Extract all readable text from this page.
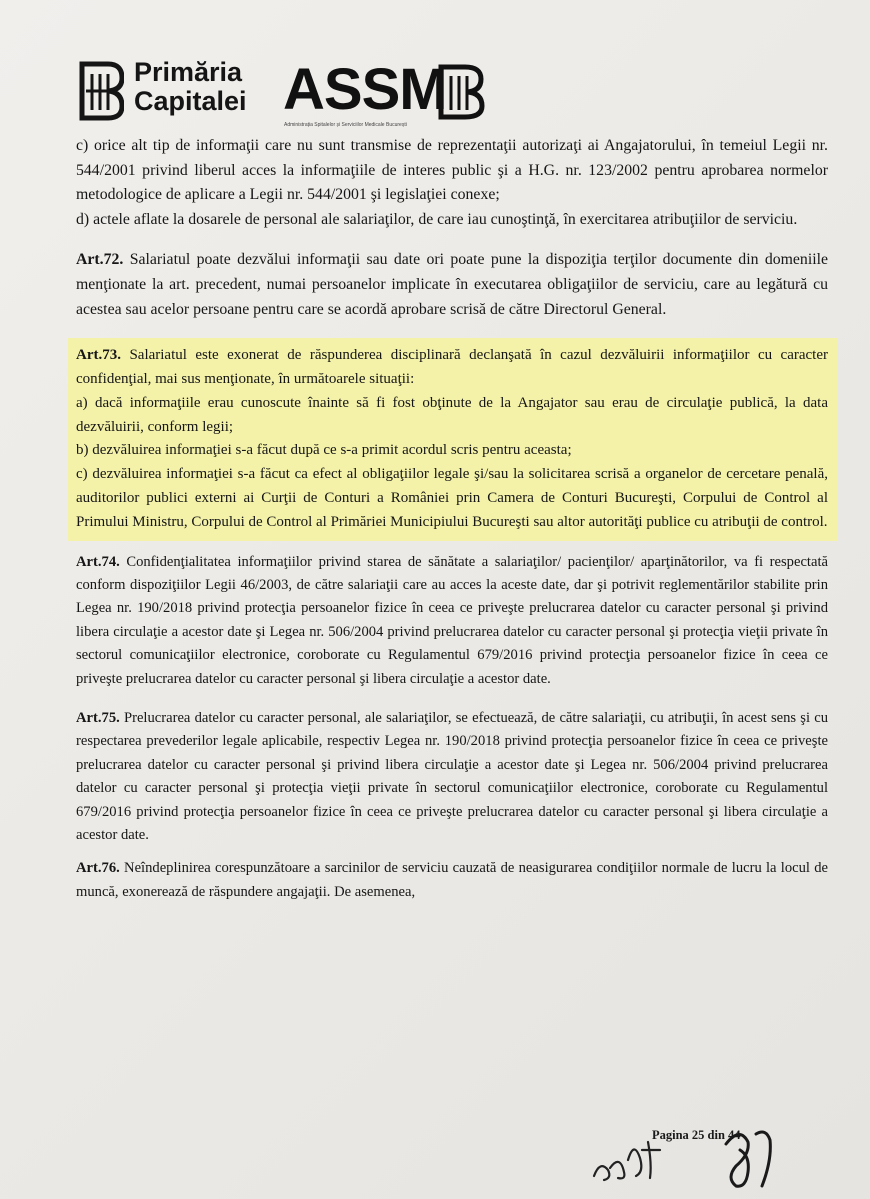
Primăria
Capitalei ASSM
Administrația Spitalelor și Serviciilor Medicale București

c) orice alt tip de informaţii care nu sunt transmise de reprezentaţii autorizaţi ai Angajatorului, în temeiul Legii nr. 544/2001 privind liberul acces la informaţiile de interes public şi a H.G. nr. 123/2002 pentru aprobarea normelor metodologice de aplicare a Legii nr. 544/2001 şi legislaţiei conexe;

d) actele aflate la dosarele de personal ale salariaţilor, de care iau cunoştinţă, în exercitarea atribuţiilor de serviciu.

Art.72. Salariatul poate dezvălui informaţii sau date ori poate pune la dispoziţia terţilor documente din domeniile menţionate la art. precedent, numai persoanelor implicate în executarea obligaţiilor de serviciu, care au legătură cu acestea sau acelor persoane pentru care se acordă aprobare scrisă de către Directorul General.

Art.73. Salariatul este exonerat de răspunderea disciplinară declanşată în cazul dezvăluirii informaţiilor cu caracter confidenţial, mai sus menţionate, în următoarele situaţii:

a) dacă informaţiile erau cunoscute înainte să fi fost obţinute de la Angajator sau erau de circulaţie publică, la data dezvăluirii, conform legii;

b) dezvăluirea informaţiei s-a făcut după ce s-a primit acordul scris pentru aceasta;

c) dezvăluirea informaţiei s-a făcut ca efect al obligaţiilor legale şi/sau la solicitarea scrisă a organelor de cercetare penală, auditorilor publici externi ai Curţii de Conturi a României prin Camera de Conturi Bucureşti, Corpului de Control al Primului Ministru, Corpului de Control al Primăriei Municipiului Bucureşti sau altor autorităţi publice cu atribuţii de control.

Art.74. Confidenţialitatea informaţiilor privind starea de sănătate a salariaţilor/ pacienţilor/ aparţinătorilor, va fi respectată conform dispoziţiilor Legii 46/2003, de către salariaţii care au acces la aceste date, dar şi potrivit reglementărilor stabilite prin Legea nr. 190/2018 privind protecţia persoanelor fizice în ceea ce priveşte prelucrarea datelor cu caracter personal şi privind libera circulaţie a acestor date şi Legea nr. 506/2004 privind prelucrarea datelor cu caracter personal şi protecţia vieţii private în sectorul comunicaţiilor electronice, coroborate cu Regulamentul 679/2016 privind protecţia persoanelor fizice în ceea ce priveşte prelucrarea datelor cu caracter personal şi libera circulaţie a acestor date.

Art.75. Prelucrarea datelor cu caracter personal, ale salariaţilor, se efectuează, de către salariaţii, cu atribuţii, în acest sens şi cu respectarea prevederilor legale aplicabile, respectiv Legea nr. 190/2018 privind protecţia persoanelor fizice în ceea ce priveşte prelucrarea datelor cu caracter personal şi privind libera circulaţie a acestor date şi Legea nr. 506/2004 privind prelucrarea datelor cu caracter personal şi protecţia vieţii private în sectorul comunicaţiilor electronice, coroborate cu Regulamentul 679/2016 privind protecţia persoanelor fizice în ceea ce priveşte prelucrarea datelor cu caracter personal şi libera circulaţie a acestor date.

Art.76. Neîndeplinirea corespunzătoare a sarcinilor de serviciu cauzată de neasigurarea condiţiilor normale de lucru la locul de muncă, exonerează de răspundere angajaţii. De asemenea,

Pagina 25 din 44
